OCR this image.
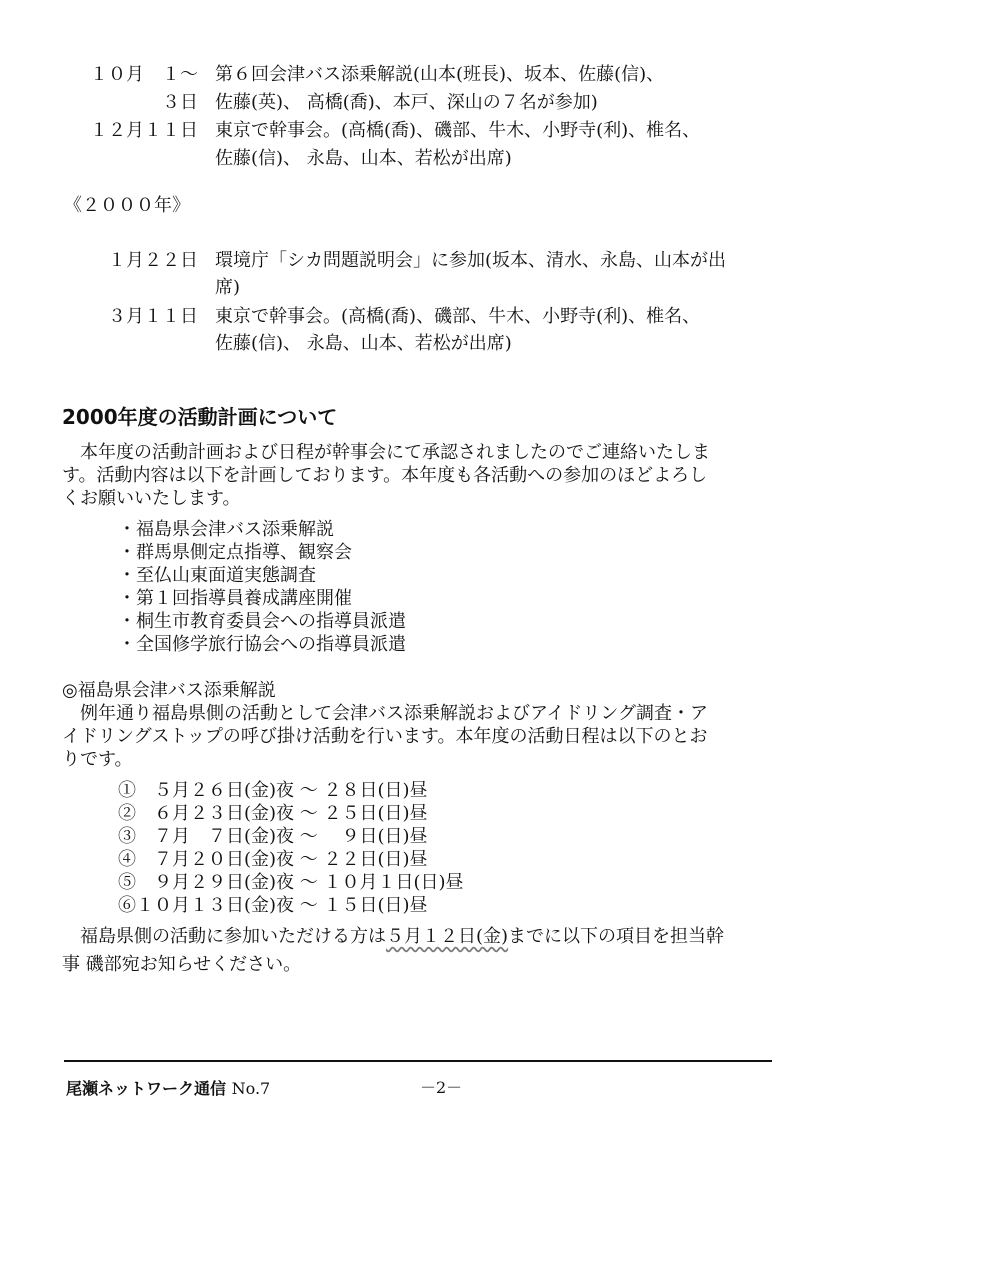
１０月　１～ 第６回会津バス添乗解説(山本(班長)、坂本、佐藤(信)、
３日 佐藤(英)、 高橋(喬)、本戸、深山の７名が参加)
１２月１１日 東京で幹事会。(高橋(喬)、磯部、牛木、小野寺(利)、椎名、
佐藤(信)、 永島、山本、若松が出席)
《２０００年》
１月２２日 環境庁「シカ問題説明会」に参加(坂本、清水、永島、山本が出
席)
３月１１日 東京で幹事会。(高橋(喬)、磯部、牛木、小野寺(利)、椎名、
佐藤(信)、 永島、山本、若松が出席)
2000年度の活動計画について
　本年度の活動計画および日程が幹事会にて承認されましたのでご連絡いたしま
す。活動内容は以下を計画しております。本年度も各活動への参加のほどよろし
くお願いいたします。
・福島県会津バス添乗解説
・群馬県側定点指導、観察会
・至仏山東面道実態調査
・第１回指導員養成講座開催
・桐生市教育委員会への指導員派遣
・全国修学旅行協会への指導員派遣
◎福島県会津バス添乗解説
　例年通り福島県側の活動として会津バス添乗解説およびアイドリング調査・ア
イドリングストップの呼び掛け活動を行います。本年度の活動日程は以下のとお
りです。
①　５月２６日(金)夜 ～ ２８日(日)昼
②　６月２３日(金)夜 ～ ２５日(日)昼
③　７月　７日(金)夜 ～　 ９日(日)昼
④　７月２０日(金)夜 ～ ２２日(日)昼
⑤　９月２９日(金)夜 ～ １０月１日(日)昼
⑥１０月１３日(金)夜 ～ １５日(日)昼
　福島県側の活動に参加いただける方は５月１２日(金)までに以下の項目を担当幹
事 磯部宛お知らせください。
尾瀬ネットワーク通信 No.7	－2－
